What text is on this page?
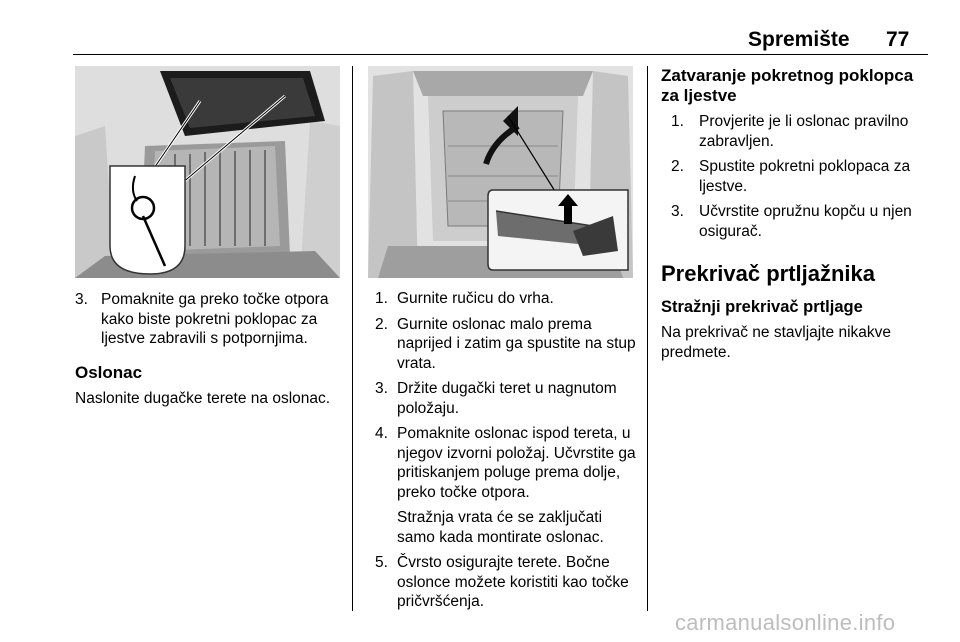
Spremište 77
3. Pomaknite ga preko točke otpora kako biste pokretni poklopac za ljestve zabravili s potpornjima.
Oslonac

Naslonite dugačke terete na oslonac.

1. Gurnite ručicu do vrha.
2. Gurnite oslonac malo prema naprijed i zatim ga spustite na stup vrata.
3. Držite dugački teret u nagnutom položaju.
4. Pomaknite oslonac ispod tereta, u njegov izvorni položaj. Učvrstite ga pritiskanjem poluge prema dolje, preko točke otpora.

Stražnja vrata će se zaključati samo kada montirate oslonac.

5. Čvrsto osigurajte terete. Bočne oslonce možete koristiti kao točke pričvršćenja.
Zatvaranje pokretnog poklopca za ljestve
1. Provjerite je li oslonac pravilno zabravljen.
2. Spustite pokretni poklopaca za ljestve.
3. Učvrstite opružnu kopču u njen osigurač.
Prekrivač prtljažnika
Stražnji prekrivač prtljage

Na prekrivač ne stavljajte nikakve predmete.

carmanualsonline.info
